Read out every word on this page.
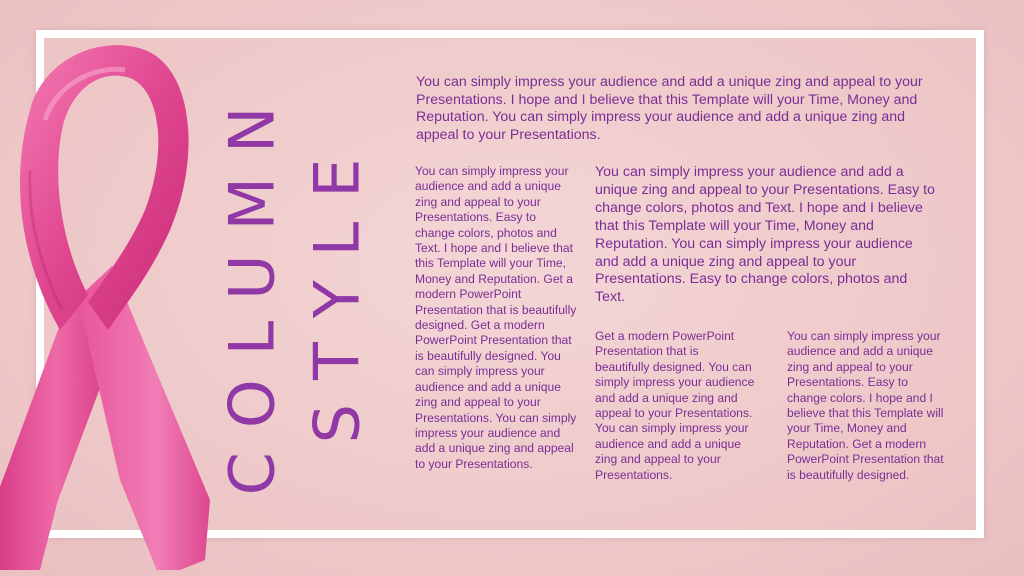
COLUMN STYLE

You can simply impress your audience and add a unique zing and appeal to your Presentations. I hope and I believe that this Template will your Time, Money and Reputation. You can simply impress your audience and add a unique zing and appeal to your Presentations.

You can simply impress your audience and add a unique zing and appeal to your Presentations. Easy to change colors, photos and Text. I hope and I believe that this Template will your Time, Money and Reputation. Get a modern PowerPoint Presentation that is beautifully designed. Get a modern PowerPoint Presentation that is beautifully designed. You can simply impress your audience and add a unique zing and appeal to your Presentations. You can simply impress your audience and add a unique zing and appeal to your Presentations.

You can simply impress your audience and add a unique zing and appeal to your Presentations. Easy to change colors, photos and Text. I hope and I believe that this Template will your Time, Money and Reputation. You can simply impress your audience and add a unique zing and appeal to your Presentations. Easy to change colors, photos and Text.

Get a modern PowerPoint Presentation that is beautifully designed. You can simply impress your audience and add a unique zing and appeal to your Presentations. You can simply impress your audience and add a unique zing and appeal to your Presentations.

You can simply impress your audience and add a unique zing and appeal to your Presentations. Easy to change colors. I hope and I believe that this Template will your Time, Money and Reputation. Get a modern PowerPoint Presentation that is beautifully designed.
